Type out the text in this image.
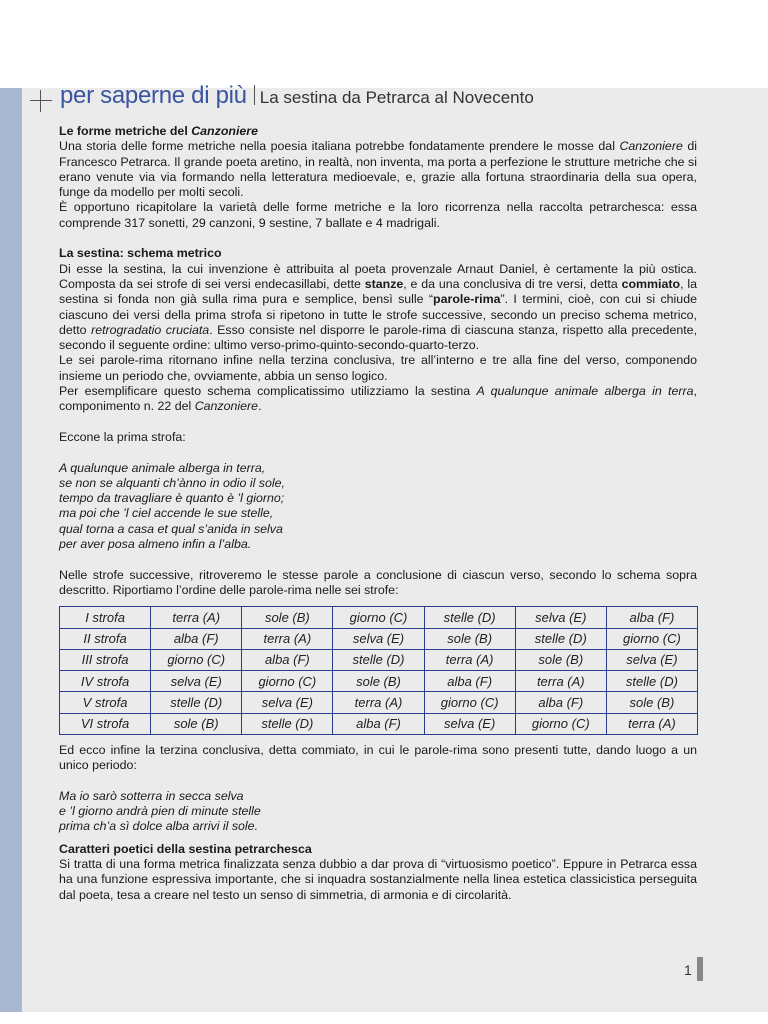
per saperne di più La sestina da Petrarca al Novecento
Le forme metriche del Canzoniere

Una storia delle forme metriche nella poesia italiana potrebbe fondatamente prendere le mosse dal Canzoniere di Francesco Petrarca. Il grande poeta aretino, in realtà, non inventa, ma porta a perfezione le strutture metriche che si erano venute via via formando nella letteratura medioevale, e, grazie alla fortuna straordinaria della sua opera, funge da modello per molti secoli.

È opportuno ricapitolare la varietà delle forme metriche e la loro ricorrenza nella raccolta petrarchesca: essa comprende 317 sonetti, 29 canzoni, 9 sestine, 7 ballate e 4 madrigali.

La sestina: schema metrico

Di esse la sestina, la cui invenzione è attribuita al poeta provenzale Arnaut Daniel, è certamente la più ostica. Composta da sei strofe di sei versi endecasillabi, dette stanze, e da una conclusiva di tre versi, detta commiato, la sestina si fonda non già sulla rima pura e semplice, bensì sulle “parole-rima”. I termini, cioè, con cui si chiude ciascuno dei versi della prima strofa si ripetono in tutte le strofe successive, secondo un preciso schema metrico, detto retrogradatio cruciata. Esso consiste nel disporre le parole-rima di ciascuna stanza, rispetto alla precedente, secondo il seguente ordine: ultimo verso-primo-quinto-secondo-quarto-terzo.

Le sei parole-rima ritornano infine nella terzina conclusiva, tre all’interno e tre alla fine del verso, componendo insieme un periodo che, ovviamente, abbia un senso logico.

Per esemplificare questo schema complicatissimo utilizziamo la sestina A qualunque animale alberga in terra, componimento n. 22 del Canzoniere.

Eccone la prima strofa:

A qualunque animale alberga in terra,
se non se alquanti ch’ànno in odio il sole,
tempo da travagliare è quanto è ’l giorno;
ma poi che ’l ciel accende le sue stelle,
qual torna a casa et qual s’anida in selva
per aver posa almeno infin a l’alba.

Nelle strofe successive, ritroveremo le stesse parole a conclusione di ciascun verso, secondo lo schema sopra descritto. Riportiamo l’ordine delle parole-rima nelle sei strofe:

I strofa	terra (A)	sole (B)	giorno (C)	stelle (D)	selva (E)	alba (F)
II strofa	alba (F)	terra (A)	selva (E)	sole (B)	stelle (D)	giorno (C)
III strofa	giorno (C)	alba (F)	stelle (D)	terra (A)	sole (B)	selva (E)
IV strofa	selva (E)	giorno (C)	sole (B)	alba (F)	terra (A)	stelle (D)
V strofa	stelle (D)	selva (E)	terra (A)	giorno (C)	alba (F)	sole (B)
VI strofa	sole (B)	stelle (D)	alba (F)	selva (E)	giorno (C)	terra (A)

Ed ecco infine la terzina conclusiva, detta commiato, in cui le parole-rima sono presenti tutte, dando luogo a un unico periodo:

Ma io sarò sotterra in secca selva
e ’l giorno andrà pien di minute stelle
prima ch’a sì dolce alba arrivi il sole.
Caratteri poetici della sestina petrarchesca

Si tratta di una forma metrica finalizzata senza dubbio a dar prova di “virtuosismo poetico”. Eppure in Petrarca essa ha una funzione espressiva importante, che si inquadra sostanzialmente nella linea estetica classicistica perseguita dal poeta, tesa a creare nel testo un senso di simmetria, di armonia e di circolarità.

1
